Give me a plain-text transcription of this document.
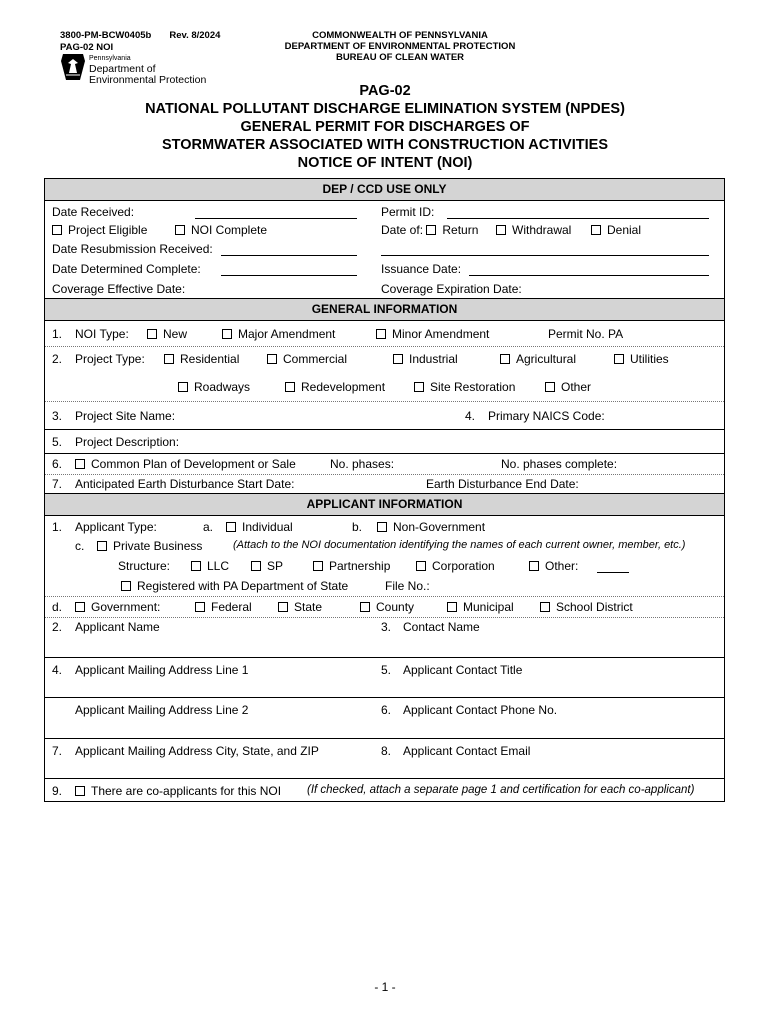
3800-PM-BCW0405b Rev. 8/2024
PAG-02 NOI
Pennsylvania
Department of
Environmental Protection
COMMONWEALTH OF PENNSYLVANIA
DEPARTMENT OF ENVIRONMENTAL PROTECTION
BUREAU OF CLEAN WATER
PAG-02
NATIONAL POLLUTANT DISCHARGE ELIMINATION SYSTEM (NPDES)
GENERAL PERMIT FOR DISCHARGES OF
STORMWATER ASSOCIATED WITH CONSTRUCTION ACTIVITIES
NOTICE OF INTENT (NOI)
DEP / CCD USE ONLY
Date Received:	Permit ID:
Project Eligible	NOI Complete	Date of: Return	Withdrawal	Denial
Date Resubmission Received:
Date Determined Complete:	Issuance Date:
Coverage Effective Date:	Coverage Expiration Date:
GENERAL INFORMATION
1. NOI Type:	New	Major Amendment	Minor Amendment	Permit No. PA
2. Project Type:	Residential	Commercial	Industrial	Agricultural	Utilities
Roadways	Redevelopment	Site Restoration	Other
3. Project Site Name:	4. Primary NAICS Code:
5. Project Description:
6.	Common Plan of Development or Sale	No. phases:	No. phases complete:
7. Anticipated Earth Disturbance Start Date:	Earth Disturbance End Date:
APPLICANT INFORMATION
1. Applicant Type:	a.	Individual	b.	Non-Government
c.	Private Business	(Attach to the NOI documentation identifying the names of each current owner, member, etc.)
Structure:	LLC	SP	Partnership	Corporation	Other:
Registered with PA Department of State	File No.:
d.	Government:	Federal	State	County	Municipal	School District
2. Applicant Name	3. Contact Name
4. Applicant Mailing Address Line 1	5. Applicant Contact Title
Applicant Mailing Address Line 2	6. Applicant Contact Phone No.
7. Applicant Mailing Address City, State, and ZIP	8. Applicant Contact Email
9.	There are co-applicants for this NOI (If checked, attach a separate page 1 and certification for each co-applicant)
- 1 -
